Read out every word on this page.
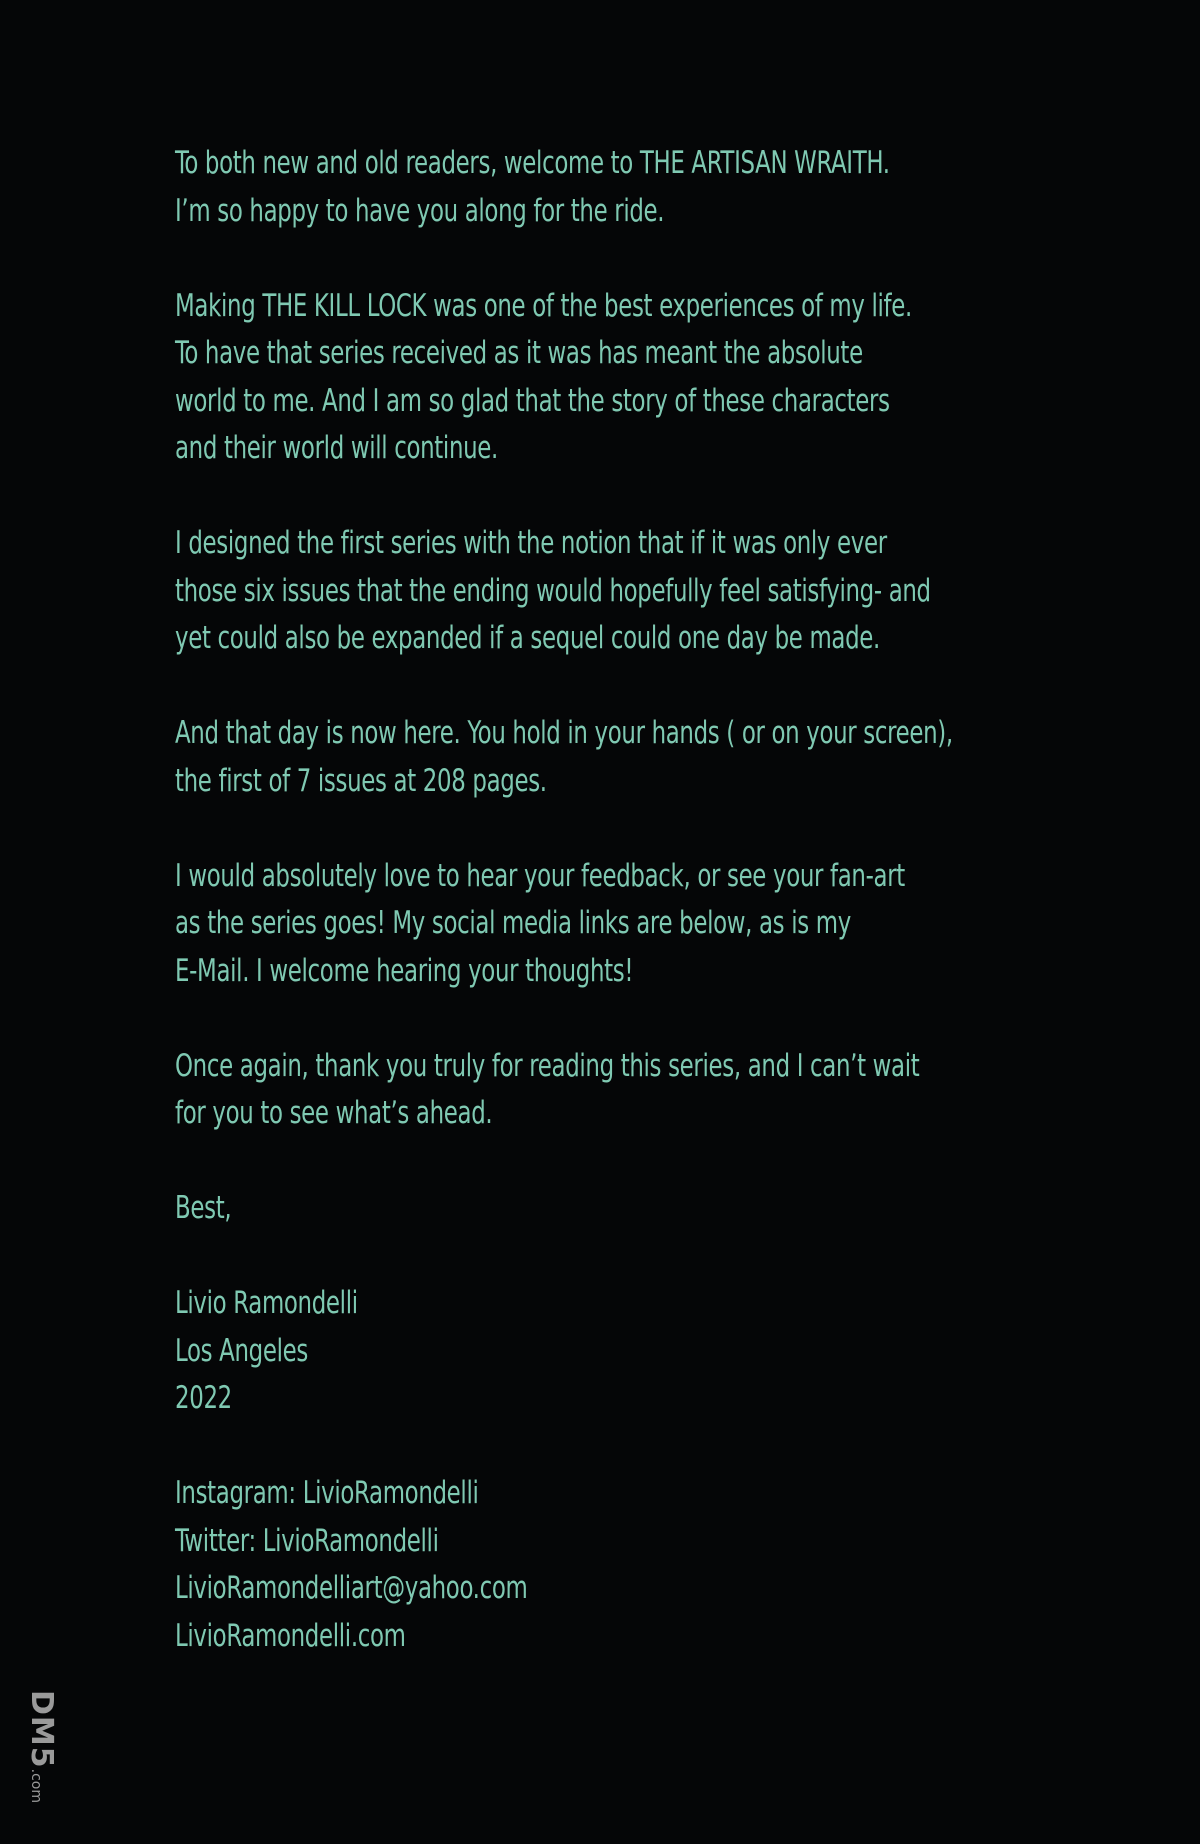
To both new and old readers, welcome to THE ARTISAN WRAITH.
I’m so happy to have you along for the ride.
Making THE KILL LOCK was one of the best experiences of my life.
To have that series received as it was has meant the absolute
world to me. And I am so glad that the story of these characters
and their world will continue.
I designed the first series with the notion that if it was only ever
those six issues that the ending would hopefully feel satisfying- and
yet could also be expanded if a sequel could one day be made.
And that day is now here. You hold in your hands ( or on your screen),
the first of 7 issues at 208 pages.
I would absolutely love to hear your feedback, or see your fan-art
as the series goes! My social media links are below, as is my
E-Mail. I welcome hearing your thoughts!
Once again, thank you truly for reading this series, and I can’t wait
for you to see what’s ahead.
Best,
Livio Ramondelli
Los Angeles
2022
Instagram: LivioRamondelli
Twitter: LivioRamondelli
LivioRamondelliart@yahoo.com
LivioRamondelli.com
DM5.com
